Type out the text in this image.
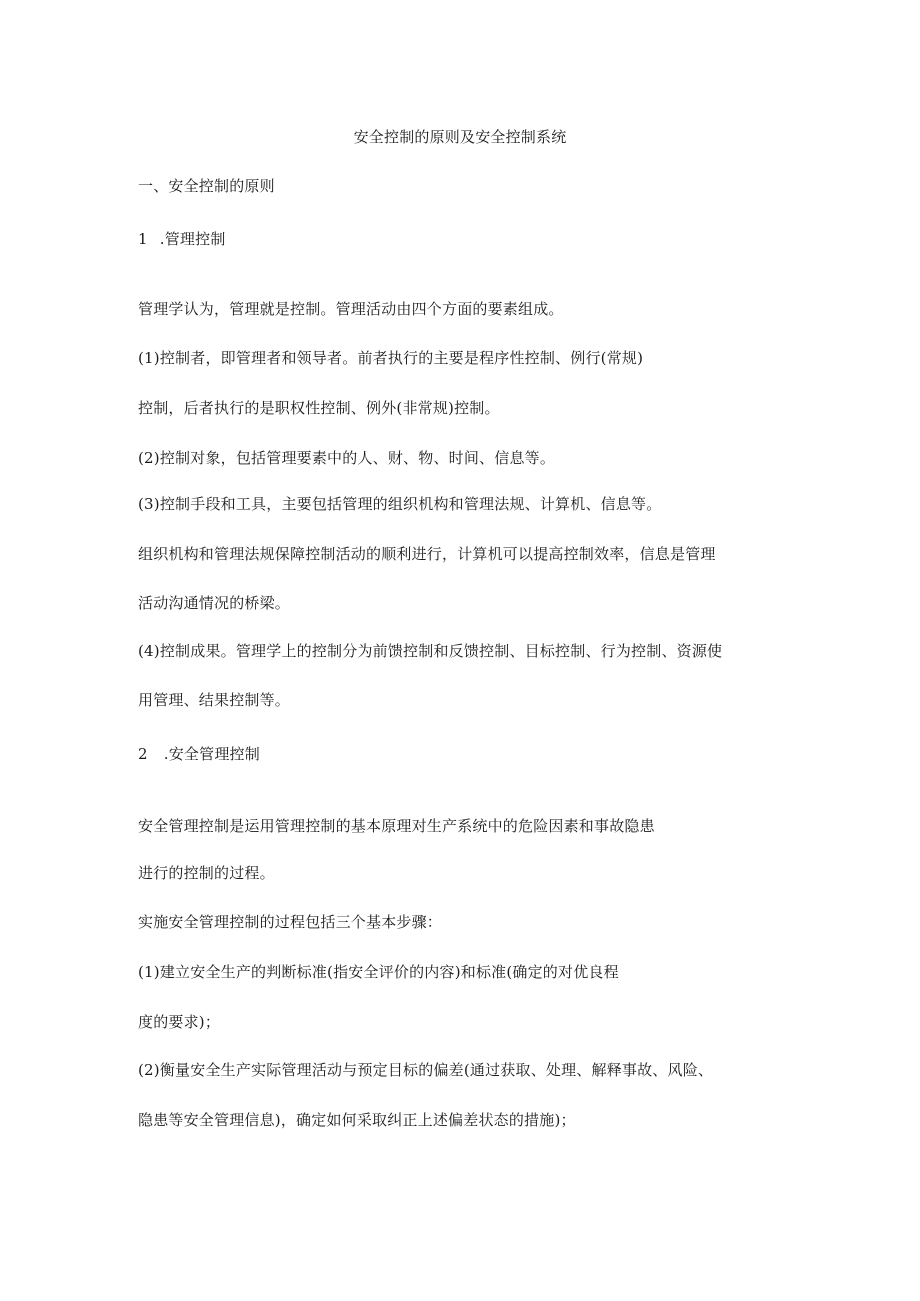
安全控制的原则及安全控制系统
一、安全控制的原则
1 .管理控制
管理学认为，管理就是控制。管理活动由四个方面的要素组成。
(1)控制者，即管理者和领导者。前者执行的主要是程序性控制、例行(常规)
控制，后者执行的是职权性控制、例外(非常规)控制。
(2)控制对象，包括管理要素中的人、财、物、时间、信息等。
(3)控制手段和工具，主要包括管理的组织机构和管理法规、计算机、信息等。
组织机构和管理法规保障控制活动的顺利进行，计算机可以提高控制效率，信息是管理
活动沟通情况的桥梁。
(4)控制成果。管理学上的控制分为前馈控制和反馈控制、目标控制、行为控制、资源使
用管理、结果控制等。
2 .安全管理控制
安全管理控制是运用管理控制的基本原理对生产系统中的危险因素和事故隐患
进行的控制的过程。
实施安全管理控制的过程包括三个基本步骤：
(1)建立安全生产的判断标准(指安全评价的内容)和标准(确定的对优良程
度的要求)；
(2)衡量安全生产实际管理活动与预定目标的偏差(通过获取、处理、解释事故、风险、
隐患等安全管理信息)，确定如何采取纠正上述偏差状态的措施)；
